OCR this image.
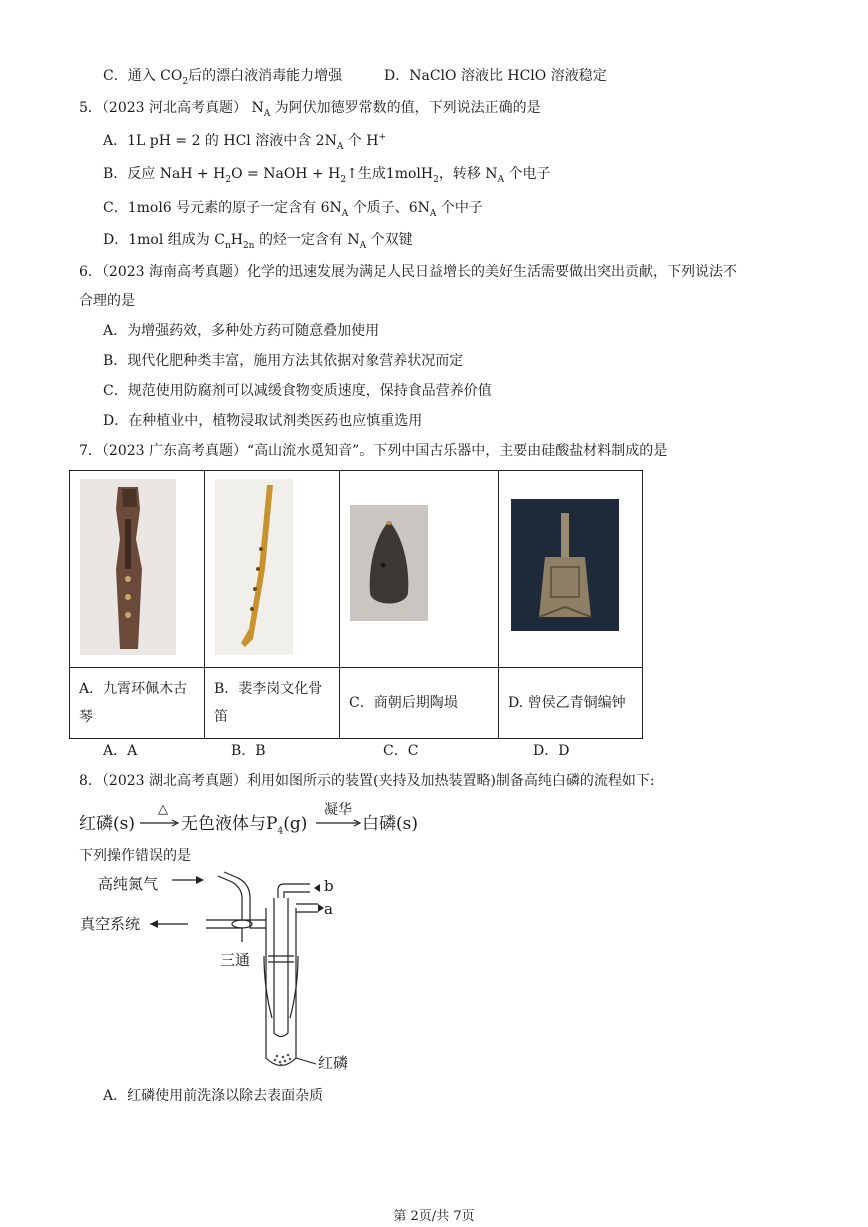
C．通入 $CO_2$后的漂白液消毒能力增强	D．NaClO 溶液比 HClO 溶液稳定
5．（2023 河北高考真题） $N_A$ 为阿伏加德罗常数的值，下列说法正确的是
A．1L pH = 2 的 HCl 溶液中含 $2N_A$ 个 H+
B．反应 NaH + $H_2O$ = NaOH + $H_2↑$生成1molH$_2$，转移 $N_A$ 个电子
C．1mol6 号元素的原子一定含有 $6N_A$ 个质子、$6N_A$ 个中子
D．1mol 组成为 $C_nH_{2n}$ 的烃一定含有 $N_A$ 个双键
6．（2023 海南高考真题）化学的迅速发展为满足人民日益增长的美好生活需要做出突出贡献，下列说法不
合理的是
A．为增强药效，多种处方药可随意叠加使用
B．现代化肥种类丰富，施用方法其依据对象营养状况而定
C．规范使用防腐剂可以减缓食物变质速度，保持食品营养价值
D．在种植业中，植物浸取试剂类医药也应慎重选用
7．（2023 广东高考真题）“高山流水觅知音”。下列中国古乐器中，主要由硅酸盐材料制成的是

A．九霄环佩木古琴	B．裴李岗文化骨笛	C．商朝后期陶埙	D. 曾侯乙青铜编钟
A．A	B．B	C．C	D．D
8．（2023 湖北高考真题）利用如图所示的装置(夹持及加热装置略)制备高纯白磷的流程如下:
红磷(s)
△
无色液体与$P_4(g)$
凝华
白磷(s)
下列操作错误的是
高纯氮气
真空系统
三通
b
a
红磷
A．红磷使用前洗涤以除去表面杂质
第 2页/共 7页
